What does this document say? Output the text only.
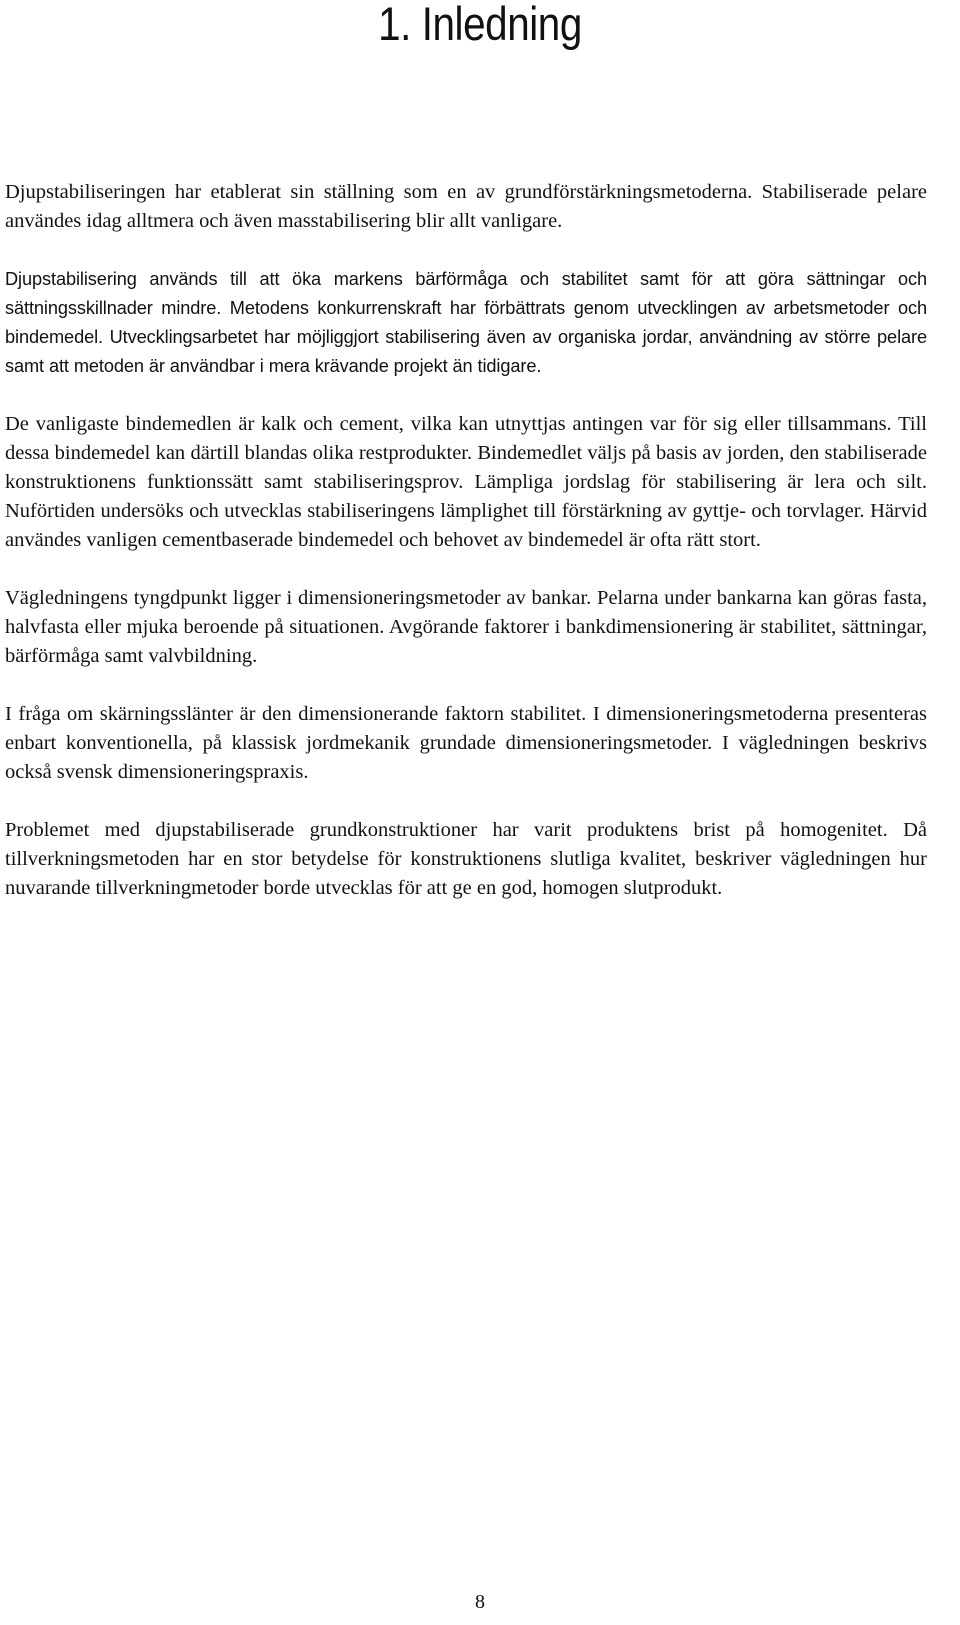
1. Inledning

Djupstabiliseringen har etablerat sin ställning som en av grundförstärkningsmetoderna. Stabiliserade pelare användes idag alltmera och även masstabilisering blir allt vanligare.

Djupstabilisering används till att öka markens bärförmåga och stabilitet samt för att göra sättningar och sättningsskillnader mindre. Metodens konkurrenskraft har förbättrats genom utvecklingen av arbetsmetoder och bindemedel. Utvecklingsarbetet har möjliggjort stabilisering även av organiska jordar, användning av större pelare samt att metoden är användbar i mera krävande projekt än tidigare.

De vanligaste bindemedlen är kalk och cement, vilka kan utnyttjas antingen var för sig eller tillsammans. Till dessa bindemedel kan därtill blandas olika restprodukter. Bindemedlet väljs på basis av jorden, den stabiliserade konstruktionens funktionssätt samt stabiliseringsprov. Lämpliga jordslag för stabilisering är lera och silt. Nuförtiden undersöks och utvecklas stabiliseringens lämplighet till förstärkning av gyttje- och torvlager. Härvid användes vanligen cementbaserade bindemedel och behovet av bindemedel är ofta rätt stort.

Vägledningens tyngdpunkt ligger i dimensioneringsmetoder av bankar. Pelarna under bankarna kan göras fasta, halvfasta eller mjuka beroende på situationen. Avgörande faktorer i bankdimensionering är stabilitet, sättningar, bärförmåga samt valvbildning.

I fråga om skärningsslänter är den dimensionerande faktorn stabilitet. I dimensioneringsmetoderna presenteras enbart konventionella, på klassisk jordmekanik grundade dimensioneringsmetoder. I vägledningen beskrivs också svensk dimensioneringspraxis.

Problemet med djupstabiliserade grundkonstruktioner har varit produktens brist på homogenitet. Då tillverkningsmetoden har en stor betydelse för konstruktionens slutliga kvalitet, beskriver vägledningen hur nuvarande tillverkningmetoder borde utvecklas för att ge en god, homogen slutprodukt.

8
